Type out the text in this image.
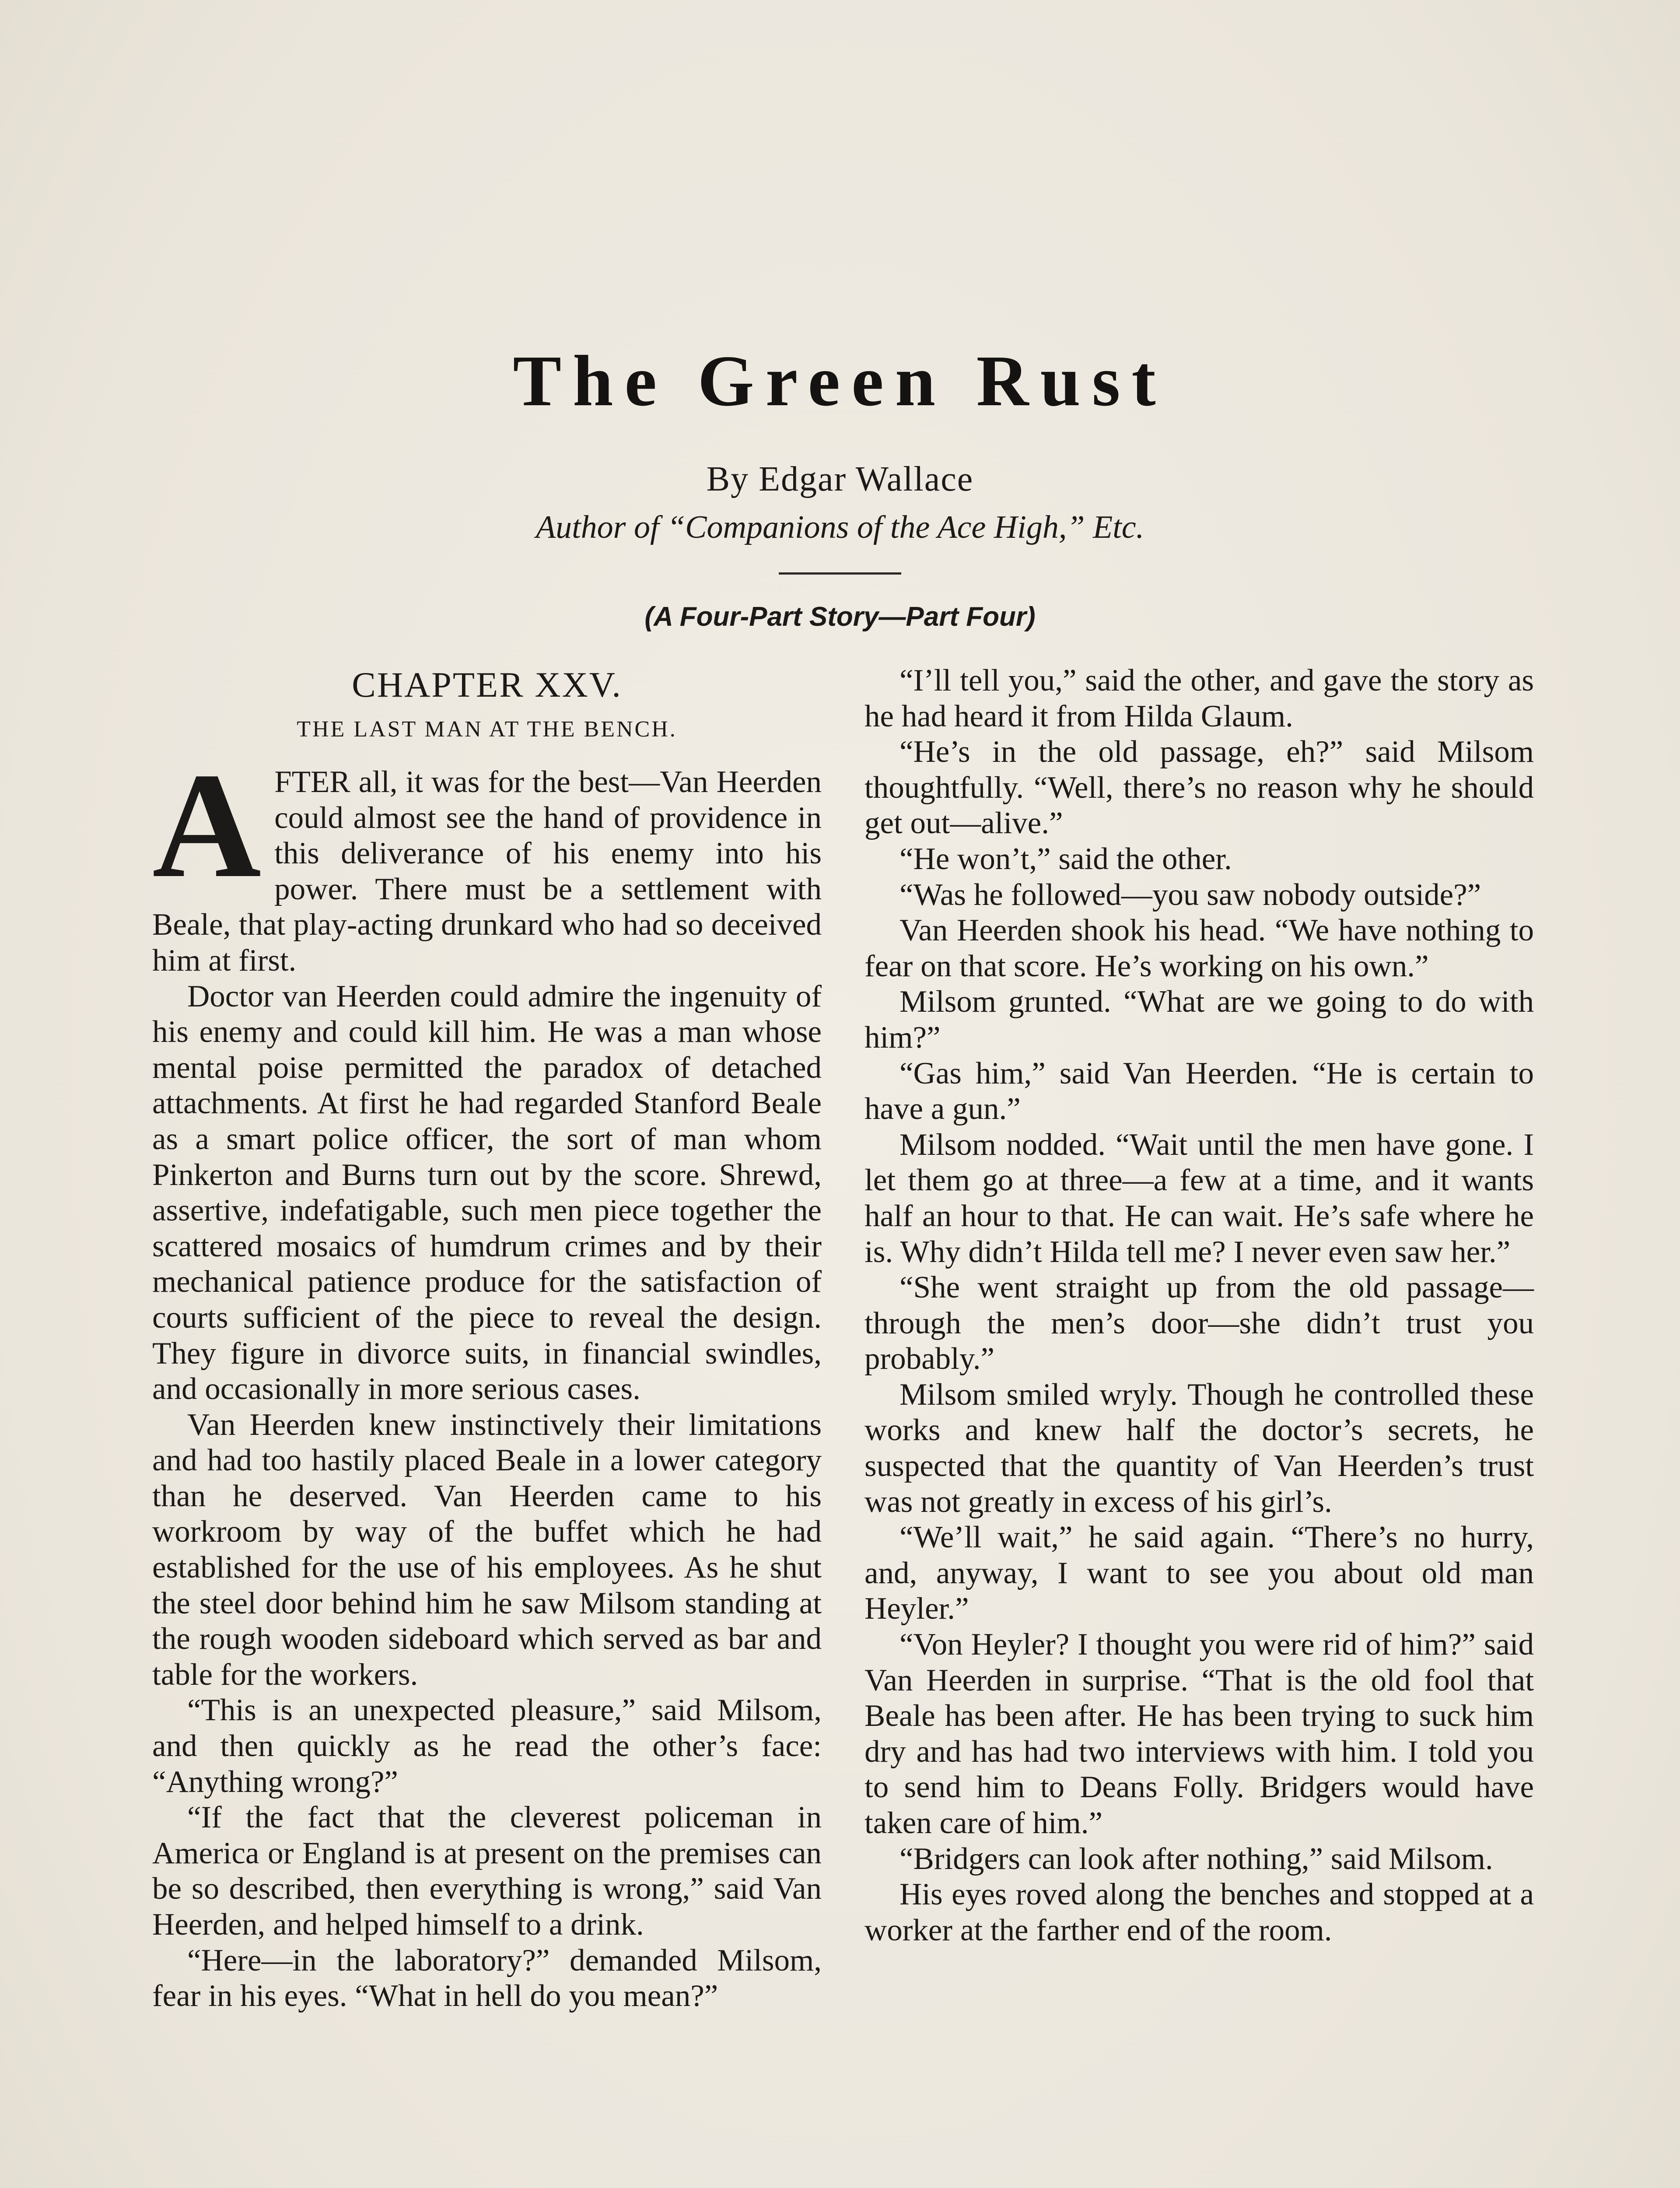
The Green Rust
By Edgar Wallace
Author of “Companions of the Ace High,” Etc.
(A Four-Part Story—Part Four)
CHAPTER XXV.
THE LAST MAN AT THE BENCH.

AFTER all, it was for the best—Van Heerden could almost see the hand of providence in this deliverance of his enemy into his power. There must be a settlement with Beale, that play-acting drunkard who had so deceived him at first.

Doctor van Heerden could admire the ingenuity of his enemy and could kill him. He was a man whose mental poise permitted the paradox of detached attachments. At first he had regarded Stanford Beale as a smart police officer, the sort of man whom Pinkerton and Burns turn out by the score. Shrewd, assertive, indefatigable, such men piece together the scattered mosaics of humdrum crimes and by their mechanical patience produce for the satisfaction of courts sufficient of the piece to reveal the design. They figure in divorce suits, in financial swindles, and occasionally in more serious cases.

Van Heerden knew instinctively their limitations and had too hastily placed Beale in a lower category than he deserved. Van Heerden came to his workroom by way of the buffet which he had established for the use of his employees. As he shut the steel door behind him he saw Milsom standing at the rough wooden sideboard which served as bar and table for the workers.

“This is an unexpected pleasure,” said Milsom, and then quickly as he read the other’s face: “Anything wrong?”

“If the fact that the cleverest policeman in America or England is at present on the premises can be so described, then everything is wrong,” said Van Heerden, and helped himself to a drink.

“Here—in the laboratory?” demanded Milsom, fear in his eyes. “What in hell do you mean?”

“I’ll tell you,” said the other, and gave the story as he had heard it from Hilda Glaum.

“He’s in the old passage, eh?” said Milsom thoughtfully. “Well, there’s no reason why he should get out—alive.”

“He won’t,” said the other.

“Was he followed—you saw nobody outside?”

Van Heerden shook his head. “We have nothing to fear on that score. He’s working on his own.”

Milsom grunted. “What are we going to do with him?”

“Gas him,” said Van Heerden. “He is certain to have a gun.”

Milsom nodded. “Wait until the men have gone. I let them go at three—a few at a time, and it wants half an hour to that. He can wait. He’s safe where he is. Why didn’t Hilda tell me? I never even saw her.”

“She went straight up from the old passage—through the men’s door—she didn’t trust you probably.”

Milsom smiled wryly. Though he controlled these works and knew half the doctor’s secrets, he suspected that the quantity of Van Heerden’s trust was not greatly in excess of his girl’s.

“We’ll wait,” he said again. “There’s no hurry, and, anyway, I want to see you about old man Heyler.”

“Von Heyler? I thought you were rid of him?” said Van Heerden in surprise. “That is the old fool that Beale has been after. He has been trying to suck him dry and has had two interviews with him. I told you to send him to Deans Folly. Bridgers would have taken care of him.”

“Bridgers can look after nothing,” said Milsom.

His eyes roved along the benches and stopped at a worker at the farther end of the room.
